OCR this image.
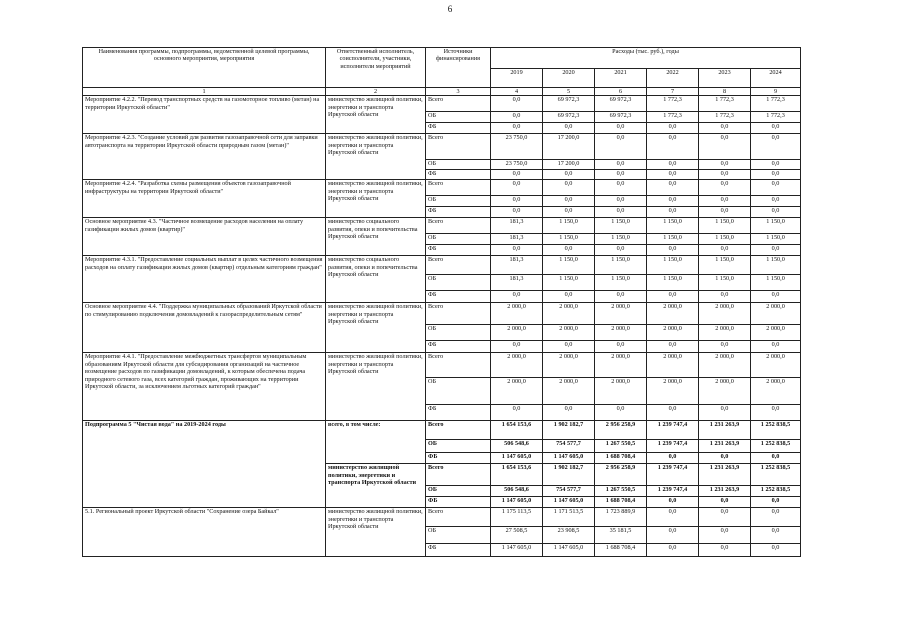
6
Наименования программы, подпрограммы, ведомственной целевой программы, основного мероприятия, мероприятия	Ответственный исполнитель, соисполнители, участники, исполнители мероприятий	Источники финансирования	Расходы (тыс. руб.), годы					
			2019	2020	2021	2022	2023	2024
1	2	3	4	5	6	7	8	9
Мероприятие 4.2.2. "Перевод транспортных средств на газомоторное топливо (метан) на территории Иркутской области"	министерство жилищной политики, энергетики и транспорта Иркутской области	Всего	0,0	69 972,3	69 972,3	1 772,3	1 772,3	1 772,3
		ОБ	0,0	69 972,3	69 972,3	1 772,3	1 772,3	1 772,3
		ФБ	0,0	0,0	0,0	0,0	0,0	0,0
Мероприятие 4.2.3. "Создание условий для развития газозаправочной сети для заправки автотранспорта на территории Иркутской области природным газом (метан)"	министерство жилищной политики, энергетики и транспорта Иркутской области	Всего	23 750,0	17 200,0	0,0	0,0	0,0	0,0
		ОБ	23 750,0	17 200,0	0,0	0,0	0,0	0,0
		ФБ	0,0	0,0	0,0	0,0	0,0	0,0
Мероприятие 4.2.4. "Разработка схемы размещения объектов газозаправочной инфраструктуры на территории Иркутской области"	министерство жилищной политики, энергетики и транспорта Иркутской области	Всего	0,0	0,0	0,0	0,0	0,0	0,0
		ОБ	0,0	0,0	0,0	0,0	0,0	0,0
		ФБ	0,0	0,0	0,0	0,0	0,0	0,0
Основное мероприятие 4.3. "Частичное возмещение расходов населения на оплату газификации жилых домов (квартир)"	министерство социального развития, опеки и попечительства Иркутской области	Всего	181,3	1 150,0	1 150,0	1 150,0	1 150,0	1 150,0
		ОБ	181,3	1 150,0	1 150,0	1 150,0	1 150,0	1 150,0
		ФБ	0,0	0,0	0,0	0,0	0,0	0,0
Мероприятие 4.3.1. "Предоставление социальных выплат в целях частичного возмещения расходов на оплату газификации жилых домов (квартир) отдельным категориям граждан"	министерство социального развития, опеки и попечительства Иркутской области	Всего	181,3	1 150,0	1 150,0	1 150,0	1 150,0	1 150,0
		ОБ	181,3	1 150,0	1 150,0	1 150,0	1 150,0	1 150,0
		ФБ	0,0	0,0	0,0	0,0	0,0	0,0
Основное мероприятие 4.4. "Поддержка муниципальных образований Иркутской области по стимулированию подключения домовладений к газораспределительным сетям"	министерство жилищной политики, энергетики и транспорта Иркутской области	Всего	2 000,0	2 000,0	2 000,0	2 000,0	2 000,0	2 000,0
		ОБ	2 000,0	2 000,0	2 000,0	2 000,0	2 000,0	2 000,0
		ФБ	0,0	0,0	0,0	0,0	0,0	0,0
Мероприятие 4.4.1. "Предоставление межбюджетных трансфертов муниципальным образованиям Иркутской области для субсидирования организаций на частичное возмещение расходов по газификации домовладений, к которым обеспечена подача природного сетевого газа, всех категорий граждан, проживающих на территории Иркутской области, за исключением льготных категорий граждан"	министерство жилищной политики, энергетики и транспорта Иркутской области	Всего	2 000,0	2 000,0	2 000,0	2 000,0	2 000,0	2 000,0
		ОБ	2 000,0	2 000,0	2 000,0	2 000,0	2 000,0	2 000,0
		ФБ	0,0	0,0	0,0	0,0	0,0	0,0
Подпрограмма 5 "Чистая вода" на 2019-2024 годы	всего, в том числе:	Всего	1 654 153,6	1 902 182,7	2 956 258,9	1 239 747,4	1 231 263,9	1 252 838,5
		ОБ	506 548,6	754 577,7	1 267 550,5	1 239 747,4	1 231 263,9	1 252 838,5
		ФБ	1 147 605,0	1 147 605,0	1 688 708,4	0,0	0,0	0,0
	министерство жилищной политики, энергетики и транспорта Иркутской области	Всего	1 654 153,6	1 902 182,7	2 956 258,9	1 239 747,4	1 231 263,9	1 252 838,5
		ОБ	506 548,6	754 577,7	1 267 550,5	1 239 747,4	1 231 263,9	1 252 838,5
		ФБ	1 147 605,0	1 147 605,0	1 688 708,4	0,0	0,0	0,0
5.1. Региональный проект Иркутской области "Сохранение озера Байкал"	министерство жилищной политики, энергетики и транспорта Иркутской области	Всего	1 175 113,5	1 171 513,5	1 723 889,9	0,0	0,0	0,0
		ОБ	27 508,5	23 908,5	35 181,5	0,0	0,0	0,0
		ФБ	1 147 605,0	1 147 605,0	1 688 708,4	0,0	0,0	0,0
